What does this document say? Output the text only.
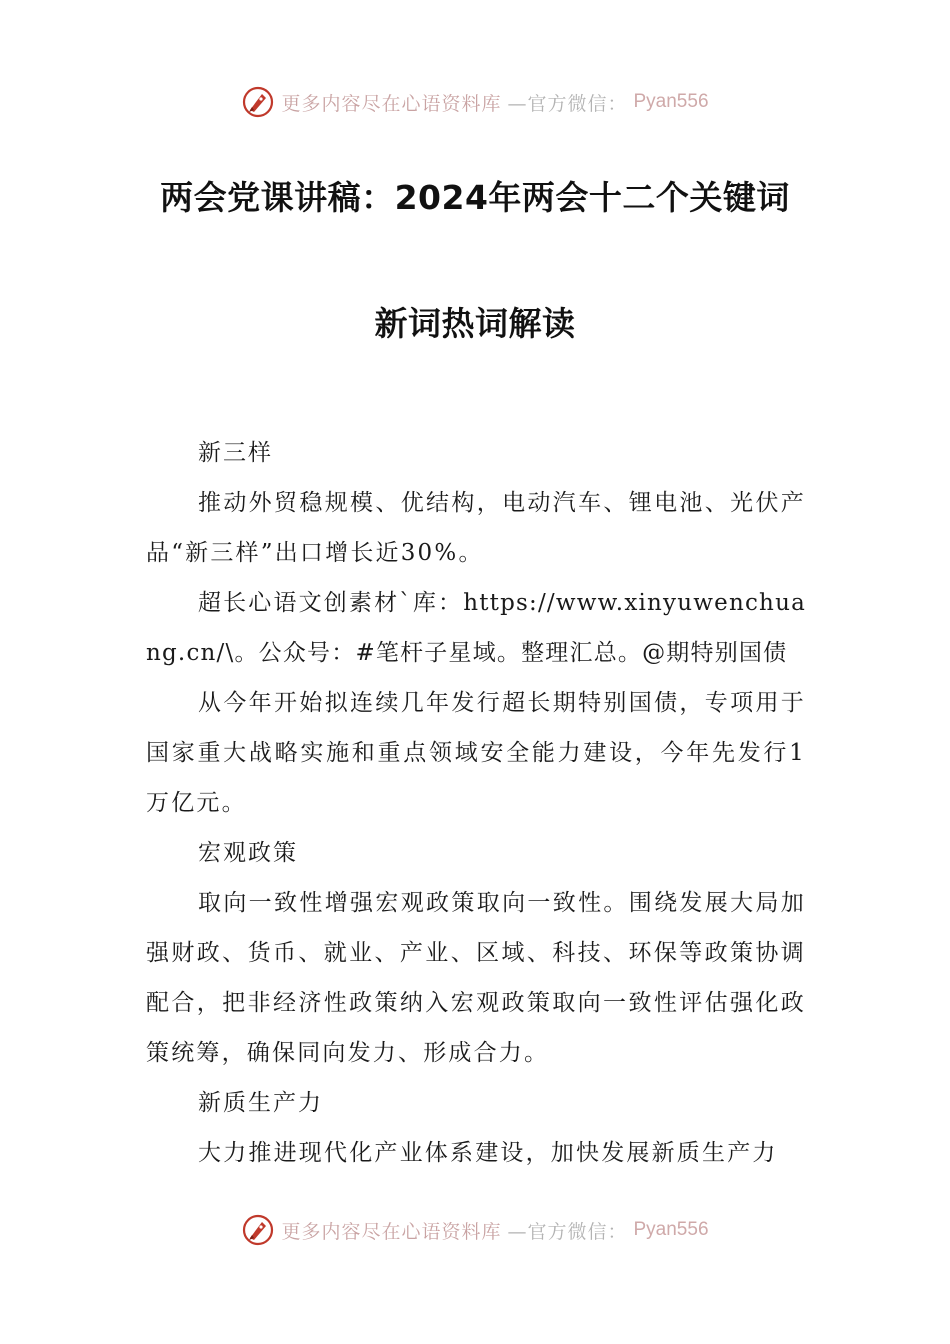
更多内容尽在心语资料库 —官方微信： Pyan556
两会党课讲稿：2024年两会十二个关键词
新词热词解读

新三样

推动外贸稳规模、优结构，电动汽车、锂电池、光伏产品“新三样”出口增长近30%。

超长心语文创素材`库：https://www.xinyuwenchuang.cn/\。公众号：#笔杆子星域。整理汇总。@期特别国债

从今年开始拟连续几年发行超长期特别国债，专项用于国家重大战略实施和重点领域安全能力建设，今年先发行1万亿元。

宏观政策

取向一致性增强宏观政策取向一致性。围绕发展大局加强财政、货币、就业、产业、区域、科技、环保等政策协调配合，把非经济性政策纳入宏观政策取向一致性评估强化政策统筹，确保同向发力、形成合力。

新质生产力

大力推进现代化产业体系建设，加快发展新质生产力

更多内容尽在心语资料库 —官方微信： Pyan556
